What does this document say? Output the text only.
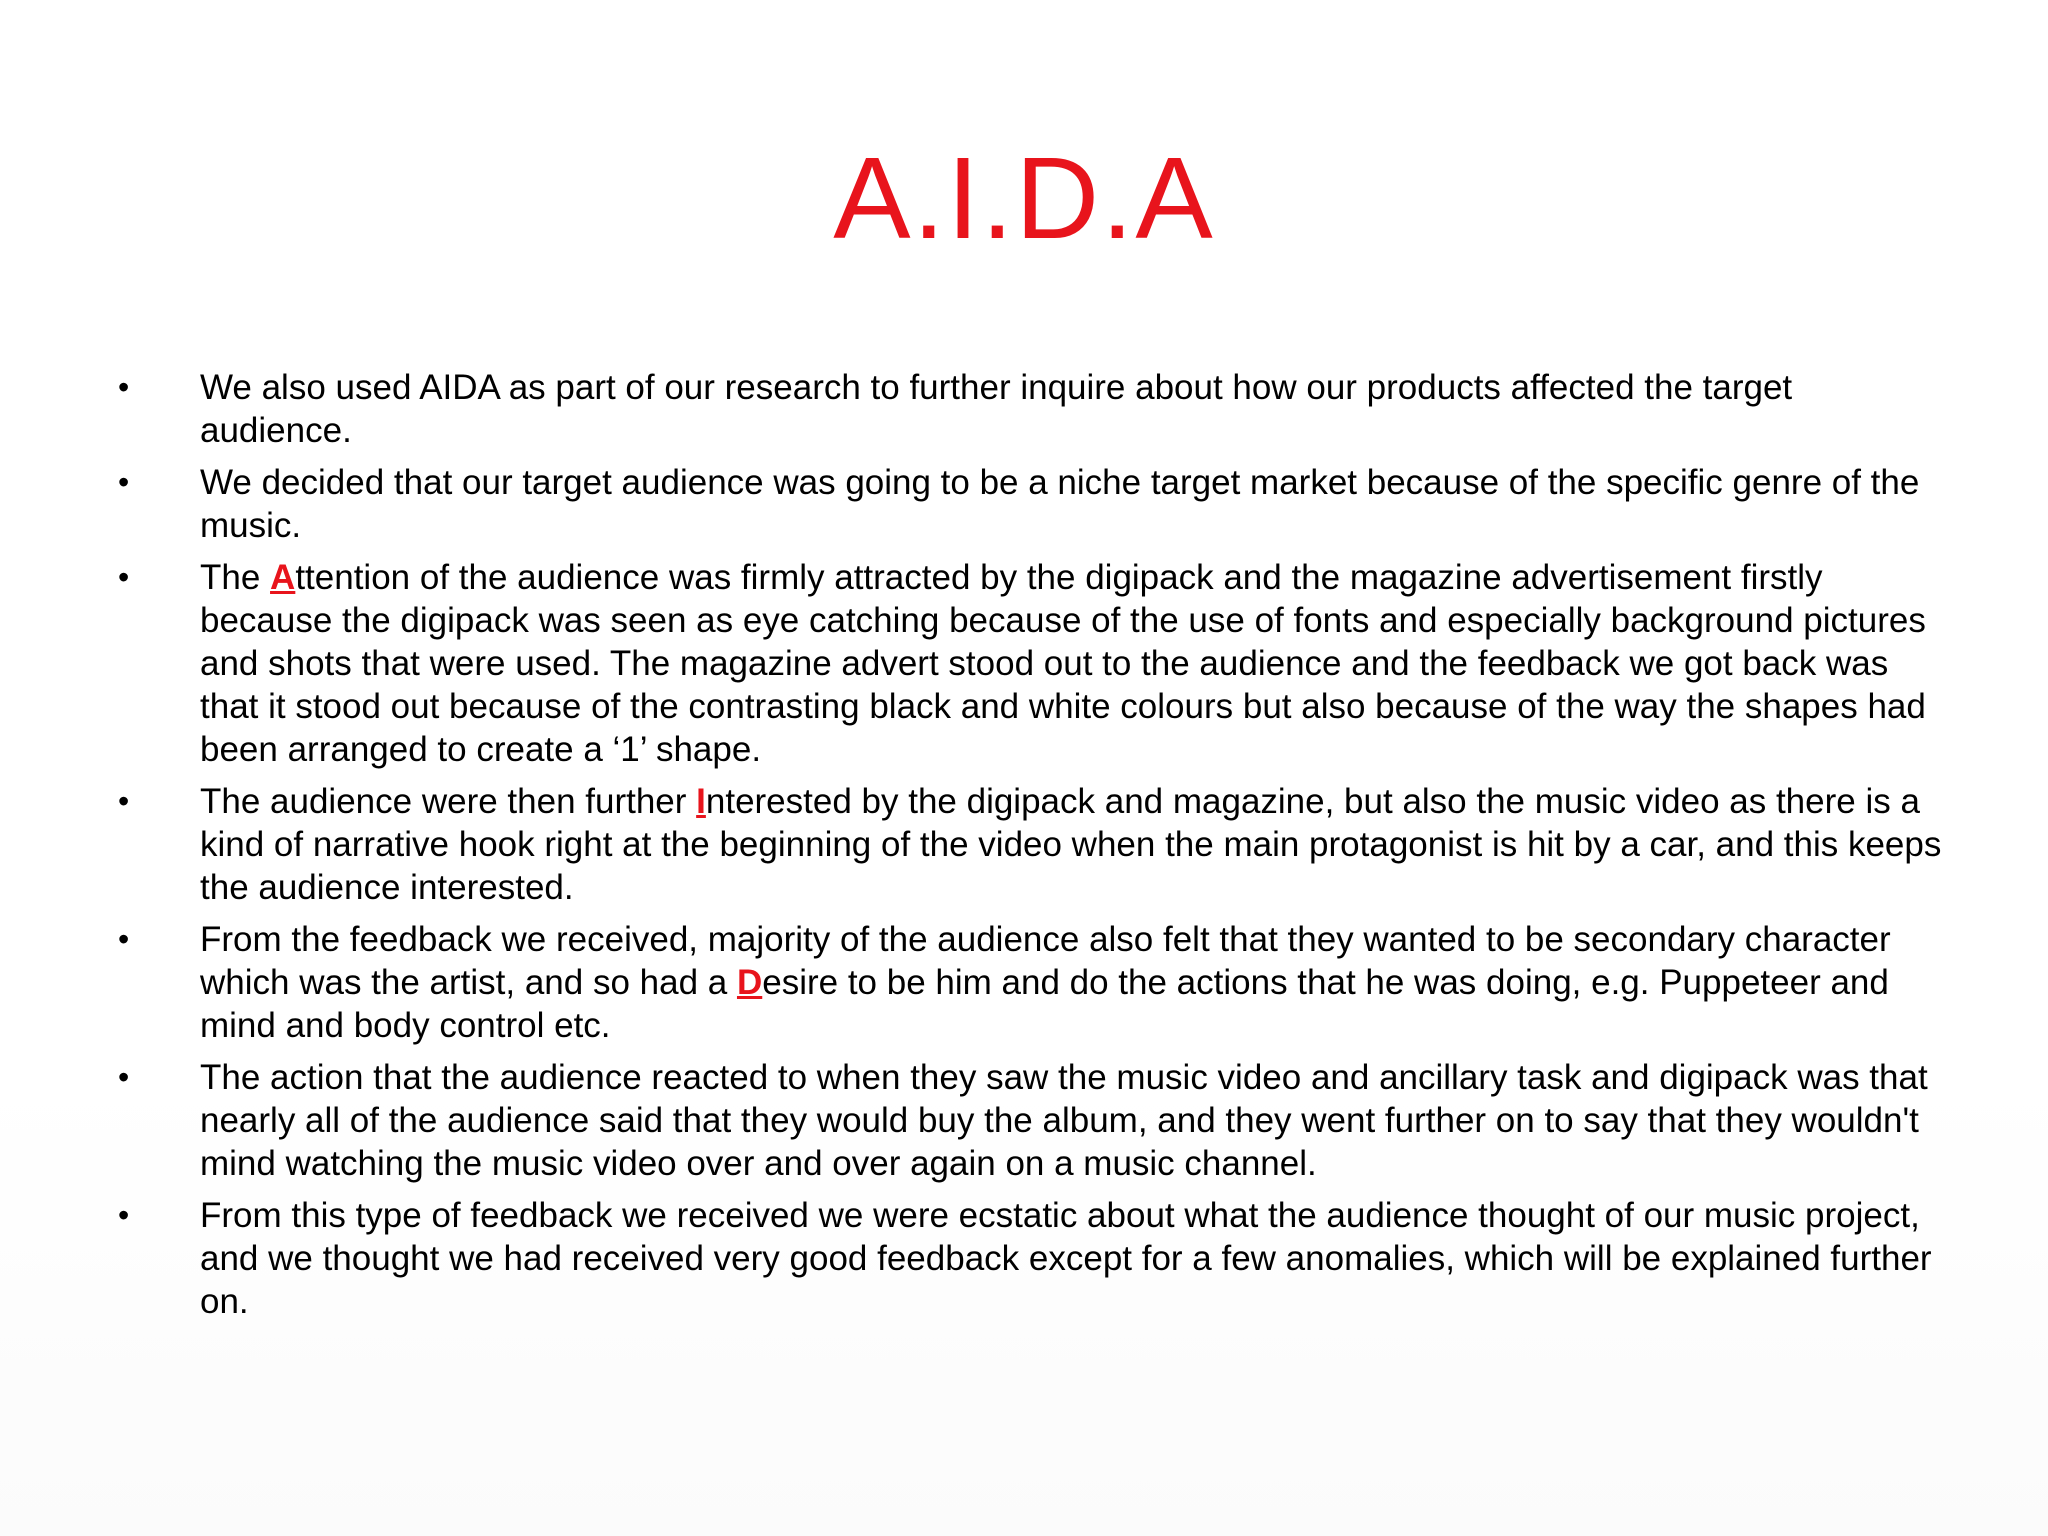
A.I.D.A
•	We also used AIDA as part of our research to further inquire about how our products affected the target audience.
•	We decided that our target audience was going to be a niche target market because of the specific genre of the music.
•	The Attention of the audience was firmly attracted by the digipack and the magazine advertisement firstly because the digipack was seen as eye catching because of the use of fonts and especially background pictures and shots that were used. The magazine advert stood out to the audience and the feedback we got back was that it stood out because of the contrasting black and white colours but also because of the way the shapes had been arranged to create a ‘1’ shape.
•	The audience were then further Interested by the digipack and magazine, but also the music video as there is a kind of narrative hook right at the beginning of the video when the main protagonist is hit by a car, and this keeps the audience interested.
•	From the feedback we received, majority of the audience also felt that they wanted to be secondary character which was the artist, and so had a Desire to be him and do the actions that he was doing, e.g. Puppeteer and mind and body control etc.
•	The action that the audience reacted to when they saw the music video and ancillary task and digipack was that nearly all of the audience said that they would buy the album, and they went further on to say that they wouldn't mind watching the music video over and over again on a music channel.
•	From this type of feedback we received we were ecstatic about what the audience thought of our music project, and we thought we had received very good feedback except for a few anomalies, which will be explained further on.
